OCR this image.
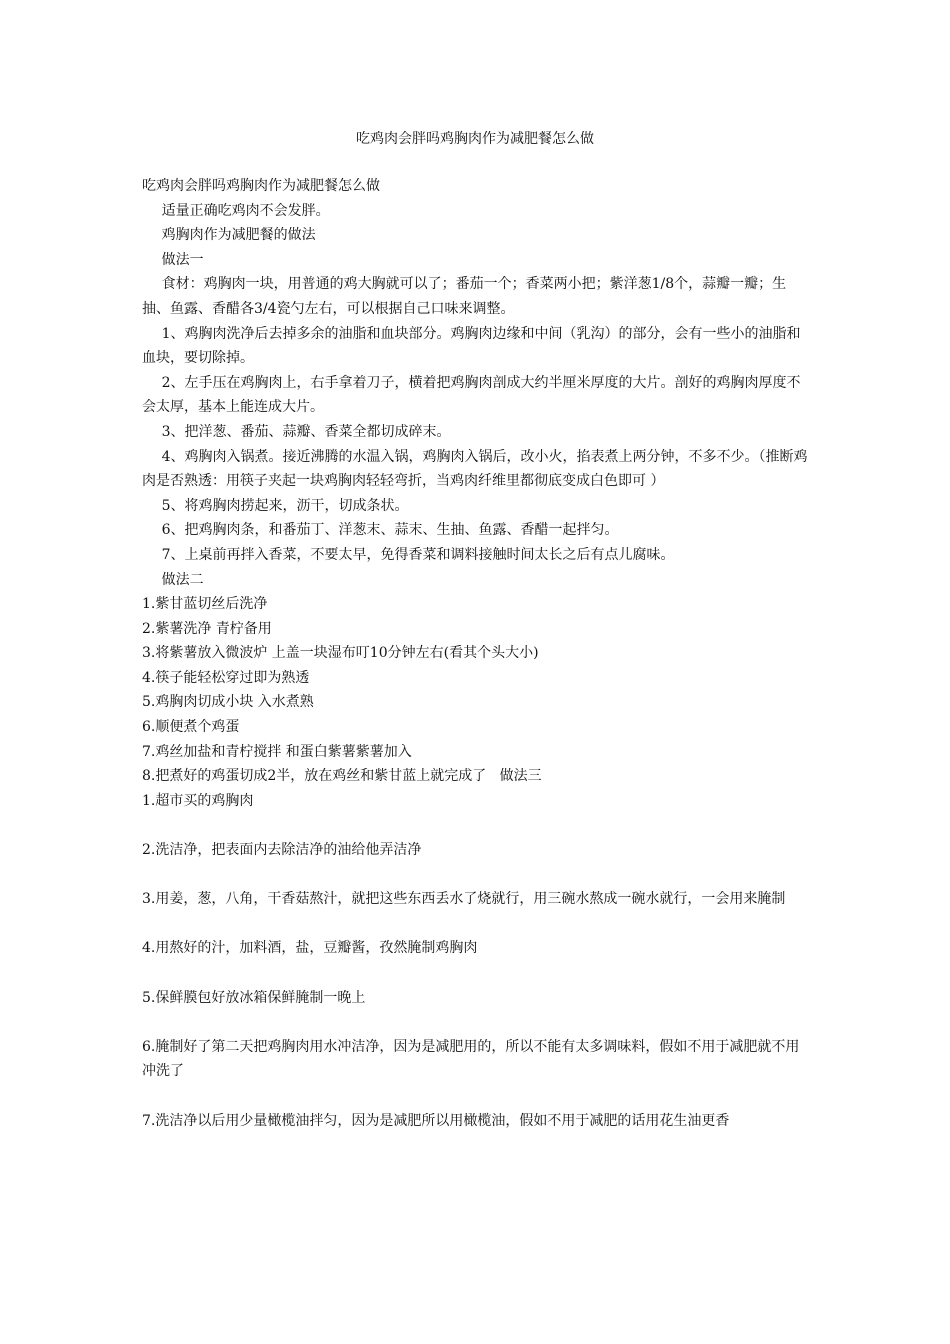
吃鸡肉会胖吗鸡胸肉作为减肥餐怎么做

吃鸡肉会胖吗鸡胸肉作为减肥餐怎么做

适量正确吃鸡肉不会发胖。

鸡胸肉作为减肥餐的做法

做法一

食材：鸡胸肉一块，用普通的鸡大胸就可以了；番茄一个；香菜两小把；紫洋葱1/8个，蒜瓣一瓣；生抽、鱼露、香醋各3/4瓷勺左右，可以根据自己口味来调整。

1、鸡胸肉洗净后去掉多余的油脂和血块部分。鸡胸肉边缘和中间（乳沟）的部分，会有一些小的油脂和血块，要切除掉。

2、左手压在鸡胸肉上，右手拿着刀子，横着把鸡胸肉剖成大约半厘米厚度的大片。剖好的鸡胸肉厚度不会太厚，基本上能连成大片。

3、把洋葱、番茄、蒜瓣、香菜全都切成碎末。

4、鸡胸肉入锅煮。接近沸腾的水温入锅，鸡胸肉入锅后，改小火，掐表煮上两分钟，不多不少。（推断鸡肉是否熟透：用筷子夹起一块鸡胸肉轻轻弯折，当鸡肉纤维里都彻底变成白色即可 ）

5、将鸡胸肉捞起来，沥干，切成条状。

6、把鸡胸肉条，和番茄丁、洋葱末、蒜末、生抽、鱼露、香醋一起拌匀。

7、上桌前再拌入香菜，不要太早，免得香菜和调料接触时间太长之后有点儿腐味。

做法二

1.紫甘蓝切丝后洗净

2.紫薯洗净 青柠备用

3.将紫薯放入微波炉 上盖一块湿布叮10分钟左右(看其个头大小)

4.筷子能轻松穿过即为熟透

5.鸡胸肉切成小块 入水煮熟

6.顺便煮个鸡蛋

7.鸡丝加盐和青柠搅拌 和蛋白紫薯紫薯加入

8.把煮好的鸡蛋切成2半，放在鸡丝和紫甘蓝上就完成了   做法三

1.超市买的鸡胸肉

2.洗洁净，把表面内去除洁净的油给他弄洁净

3.用姜，葱，八角，干香菇熬汁，就把这些东西丢水了烧就行，用三碗水熬成一碗水就行，一会用来腌制

4.用熬好的汁，加料酒，盐，豆瓣酱，孜然腌制鸡胸肉

5.保鲜膜包好放冰箱保鲜腌制一晚上

6.腌制好了第二天把鸡胸肉用水冲洁净，因为是减肥用的，所以不能有太多调味料，假如不用于减肥就不用冲洗了

7.洗洁净以后用少量橄榄油拌匀，因为是减肥所以用橄榄油，假如不用于减肥的话用花生油更香
